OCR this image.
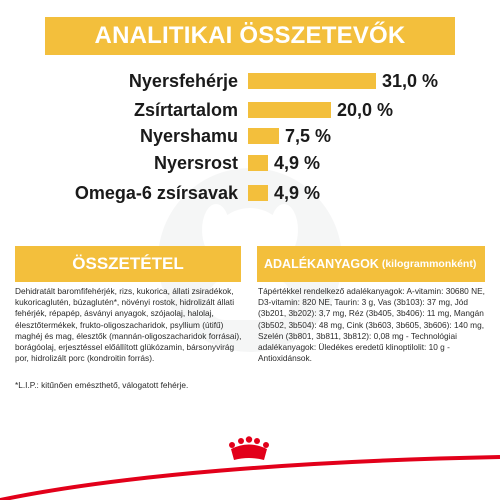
ANALITIKAI ÖSSZETEVŐK
Nyersfehérje	31,0 %
Zsírtartalom	20,0 %
Nyershamu	7,5 %
Nyersrost 4,9 %
Omega-6 zsírsavak 4,9 %
ÖSSZETÉTEL
Dehidratált baromfifehérjék, rizs, kukorica, állati zsiradékok, kukoricaglutén, búzaglutén*, növényi rostok, hidrolizált állati fehérjék, répapép, ásványi anyagok, szójaolaj, halolaj, élesztőtermékek, frukto-oligoszacharidok, psyllium (útifű) maghéj és mag, élesztők (mannán-oligoszacharidok forrásai), borágóolaj, erjesztéssel előállított glükózamin, bársonyvirág por, hidrolizált porc (kondroitin forrás).
*L.I.P.: kitűnően emészthető, válogatott fehérje.
ADALÉKANYAGOK (kilogrammonként)
Tápértékkel rendelkező adalékanyagok: A-vitamin: 30680 NE, D3-vitamin: 820 NE, Taurin: 3 g, Vas (3b103): 37 mg, Jód (3b201, 3b202): 3,7 mg, Réz (3b405, 3b406): 11 mg, Mangán (3b502, 3b504): 48 mg, Cink (3b603, 3b605, 3b606): 140 mg, Szelén (3b801, 3b811, 3b812): 0,08 mg - Technológiai adalékanyagok: Üledékes eredetű klinoptilolit: 10 g - Antioxidánsok.
